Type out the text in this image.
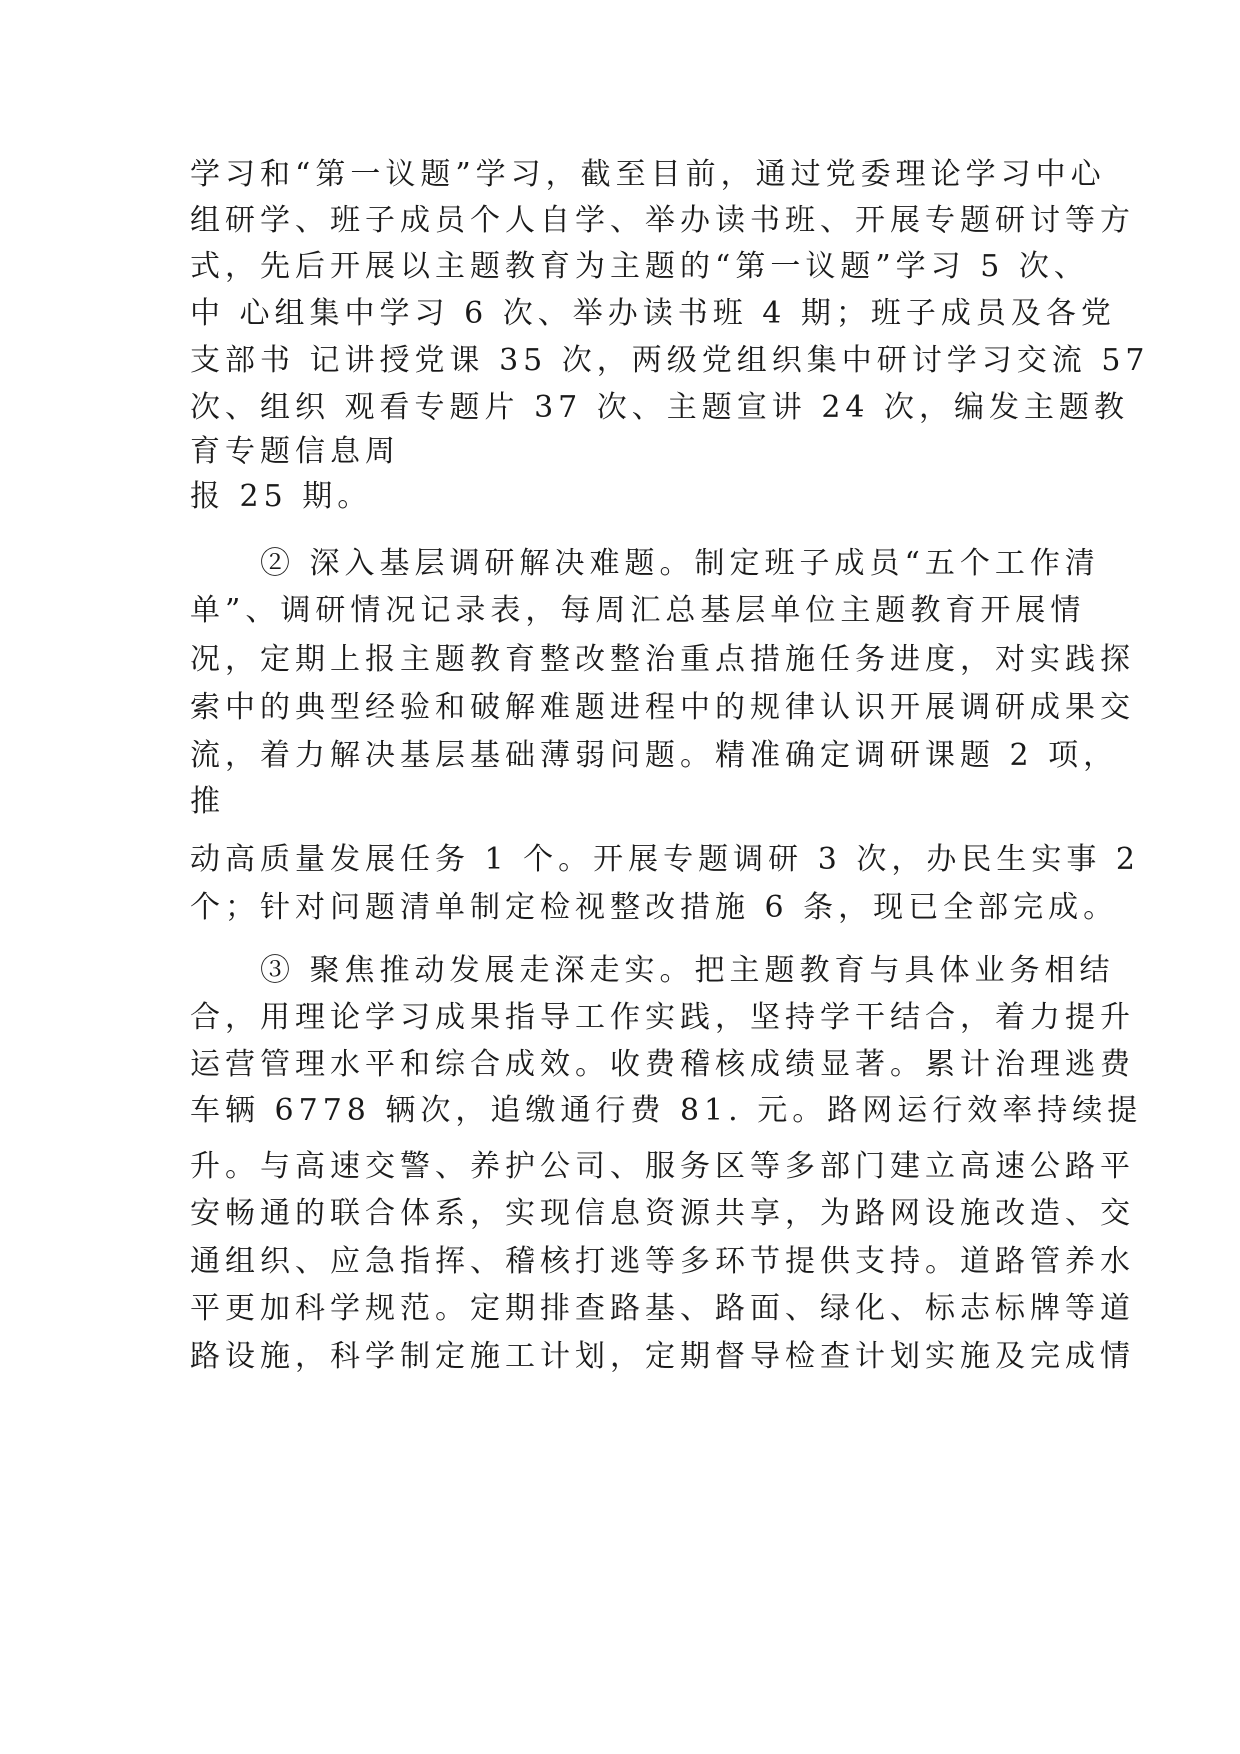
学习和“第一议题”学习，截至目前，通过党委理论学习中心
组研学、班子成员个人自学、举办读书班、开展专题研讨等方
式，先后开展以主题教育为主题的“第一议题”学习 5 次、
中 心组集中学习 6 次、举办读书班 4 期；班子成员及各党
支部书 记讲授党课 35 次，两级党组织集中研讨学习交流 57
次、组织 观看专题片 37 次、主题宣讲 24 次，编发主题教
育专题信息周
报 25 期。
② 深入基层调研解决难题。制定班子成员“五个工作清
单”、调研情况记录表，每周汇总基层单位主题教育开展情
况，定期上报主题教育整改整治重点措施任务进度，对实践探
索中的典型经验和破解难题进程中的规律认识开展调研成果交
流，着力解决基层基础薄弱问题。精准确定调研课题 2 项，
推
动高质量发展任务 1 个。开展专题调研 3 次，办民生实事 2
个；针对问题清单制定检视整改措施 6 条，现已全部完成。
③ 聚焦推动发展走深走实。把主题教育与具体业务相结
合，用理论学习成果指导工作实践，坚持学干结合，着力提升
运营管理水平和综合成效。收费稽核成绩显著。累计治理逃费
车辆 6778 辆次，追缴通行费 81. 元。路网运行效率持续提
升。与高速交警、养护公司、服务区等多部门建立高速公路平
安畅通的联合体系，实现信息资源共享，为路网设施改造、交
通组织、应急指挥、稽核打逃等多环节提供支持。道路管养水
平更加科学规范。定期排查路基、路面、绿化、标志标牌等道
路设施，科学制定施工计划，定期督导检查计划实施及完成情
